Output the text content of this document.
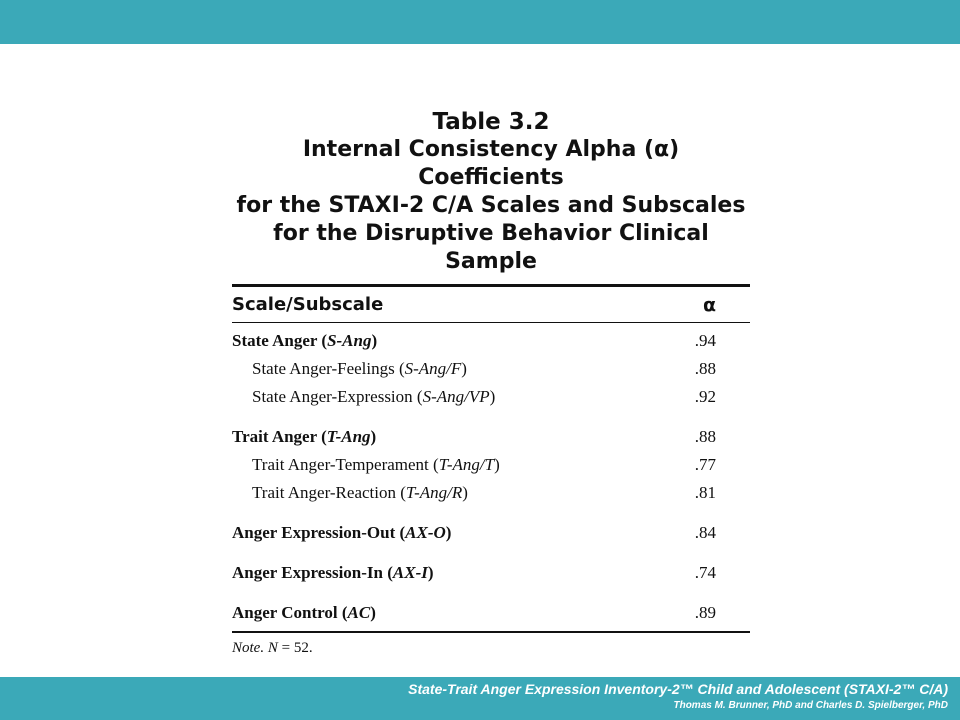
Table 3.2
Internal Consistency Alpha (α) Coefficients
for the STAXI-2 C/A Scales and Subscales
for the Disruptive Behavior Clinical Sample
Scale/Subscale	α
State Anger (S-Ang)	.94
State Anger-Feelings (S-Ang/F)	.88
State Anger-Expression (S-Ang/VP)	.92
Trait Anger (T-Ang)	.88
Trait Anger-Temperament (T-Ang/T)	.77
Trait Anger-Reaction (T-Ang/R)	.81
Anger Expression-Out (AX-O)	.84
Anger Expression-In (AX-I)	.74
Anger Control (AC)	.89
Note. N = 52.
State-Trait Anger Expression Inventory-2™ Child and Adolescent (STAXI-2™ C/A)
Thomas M. Brunner, PhD and Charles D. Spielberger, PhD
